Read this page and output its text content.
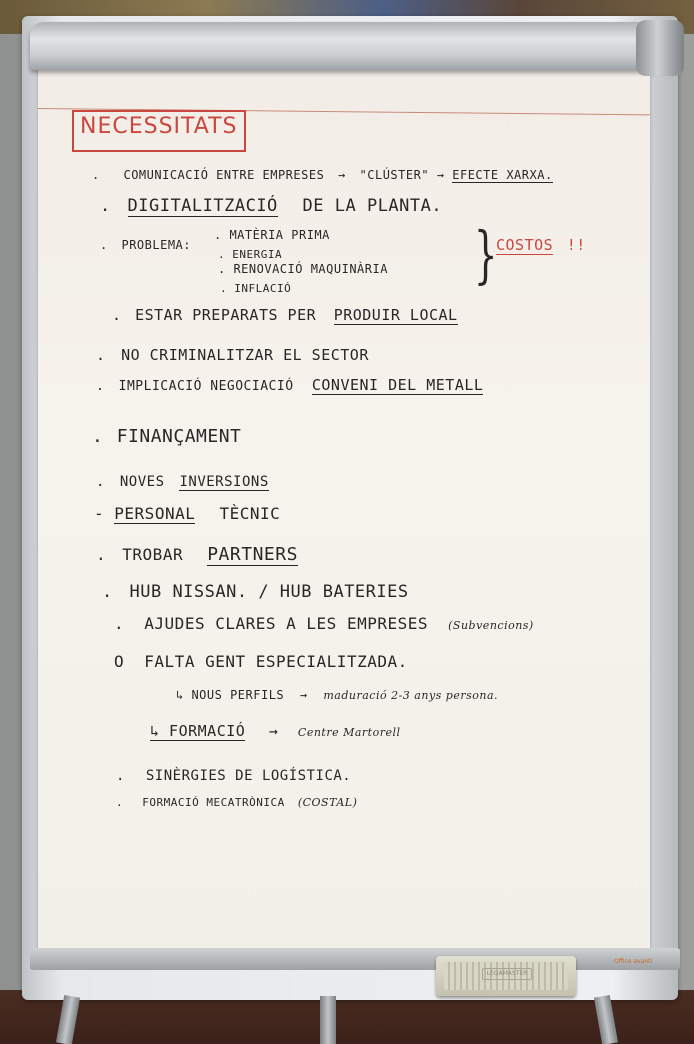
NECESSITATS
. COMUNICACIÓ ENTRE EMPRESES → "CLÚSTER" → EFECTE XARXA.
. DIGITALITZACIÓ DE LA PLANTA.
. PROBLEMA:
. MATÈRIA PRIMA
. ENERGIA
. RENOVACIÓ MAQUINÀRIA
. INFLACIÓ	}
COSTOS !!
. ESTAR PREPARATS PER PRODUIR LOCAL
. NO CRIMINALITZAR EL SECTOR
. IMPLICACIÓ NEGOCIACIÓ CONVENI DEL METALL
. FINANÇAMENT
. NOVES INVERSIONS
- PERSONAL TÈCNIC
. TROBAR PARTNERS
. HUB NISSAN. / HUB BATERIES
. AJUDES CLARES A LES EMPRESES (Subvencions)
O FALTA GENT ESPECIALITZADA.
↳ NOUS PERFILS → maduració 2-3 anys persona.
↳ FORMACIÓ → Centre Martorell
. SINÈRGIES DE LOGÍSTICA.
. FORMACIÓ MECATRÒNICA (COSTAL)
Office avanti
LEGAMASTER
